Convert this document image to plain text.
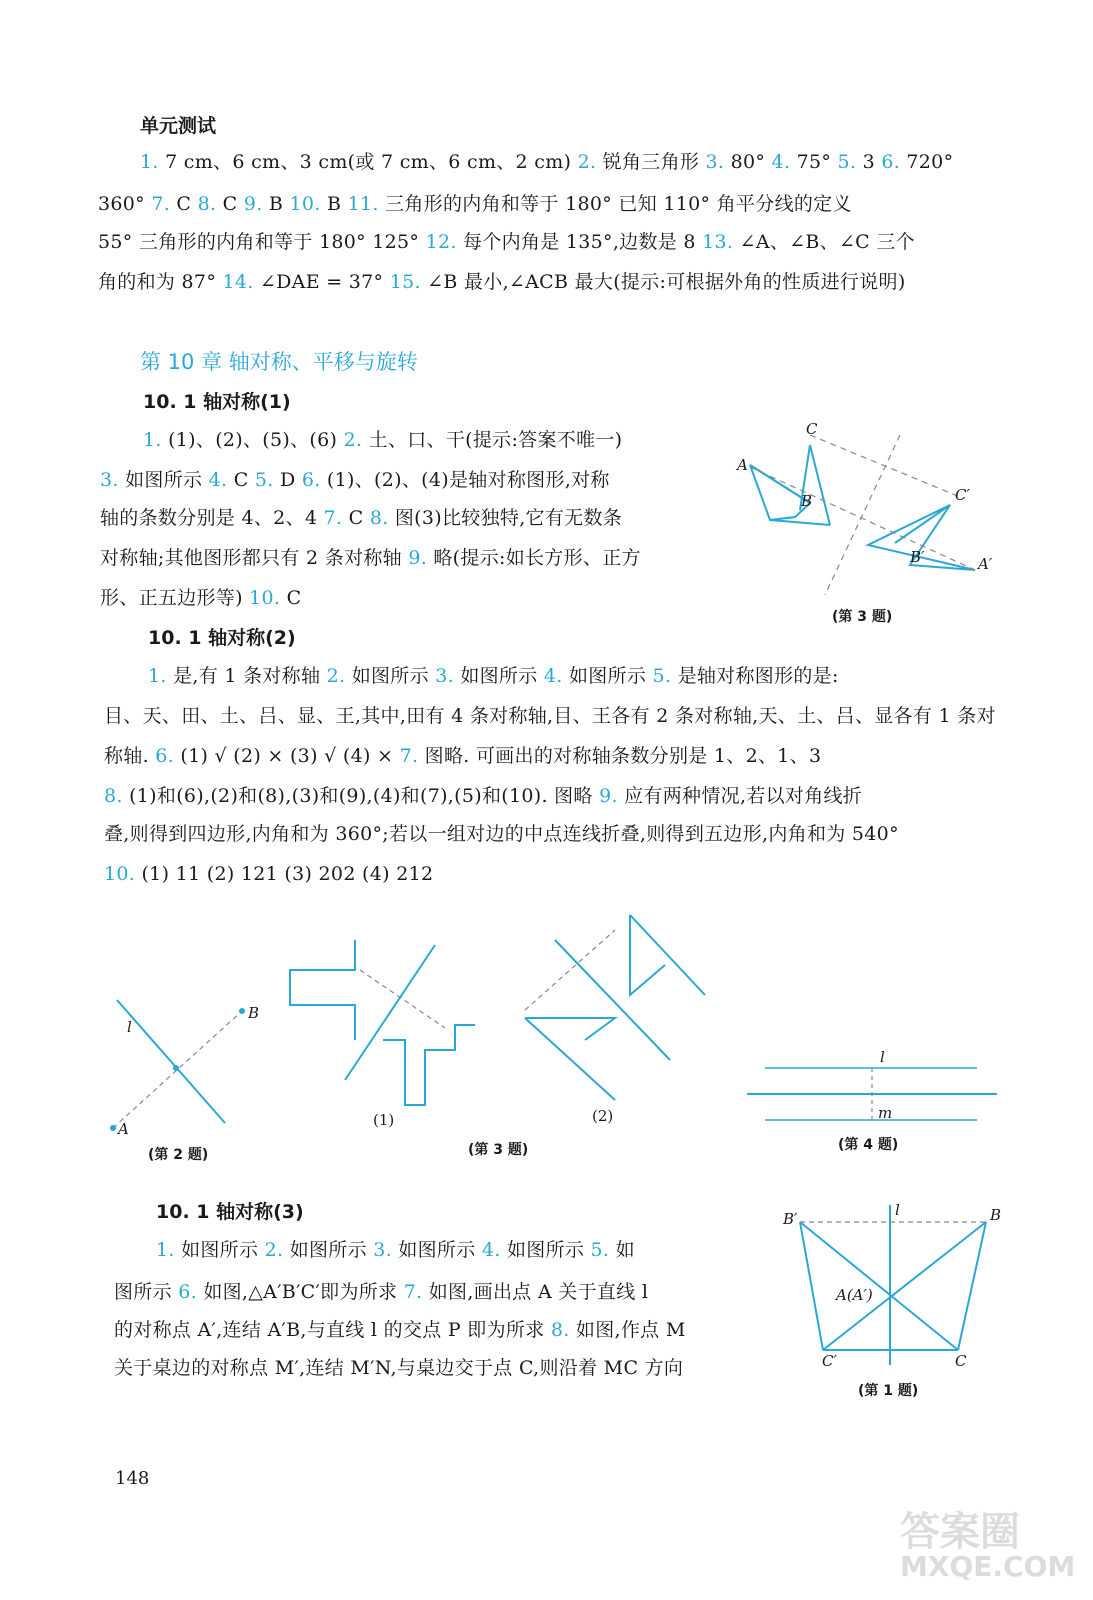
单元测试
1. 7 cm、6 cm、3 cm(或 7 cm、6 cm、2 cm) 2. 锐角三角形 3. 80° 4. 75° 5. 3 6. 720°
360° 7. C 8. C 9. B 10. B 11. 三角形的内角和等于 180° 已知 110° 角平分线的定义
55° 三角形的内角和等于 180° 125° 12. 每个内角是 135°,边数是 8 13. ∠A、∠B、∠C 三个
角的和为 87° 14. ∠DAE = 37° 15. ∠B 最小,∠ACB 最大(提示:可根据外角的性质进行说明)
第 10 章 轴对称、平移与旋转
10. 1 轴对称(1)
1. (1)、(2)、(5)、(6) 2. 土、口、干(提示:答案不唯一)
3. 如图所示 4. C 5. D 6. (1)、(2)、(4)是轴对称图形,对称
轴的条数分别是 4、2、4 7. C 8. 图(3)比较独特,它有无数条
对称轴;其他图形都只有 2 条对称轴 9. 略(提示:如长方形、正方
形、正五边形等) 10. C
A
B
C
C′
B′	A′
(第 3 题)
10. 1 轴对称(2)
1. 是,有 1 条对称轴 2. 如图所示 3. 如图所示 4. 如图所示 5. 是轴对称图形的是:
目、天、田、土、吕、显、王,其中,田有 4 条对称轴,目、王各有 2 条对称轴,天、土、吕、显各有 1 条对
称轴. 6. (1) √ (2) × (3) √ (4) × 7. 图略. 可画出的对称轴条数分别是 1、2、1、3
8. (1)和(6),(2)和(8),(3)和(9),(4)和(7),(5)和(10). 图略 9. 应有两种情况,若以对角线折
叠,则得到四边形,内角和为 360°;若以一组对边的中点连线折叠,则得到五边形,内角和为 540°
10. (1) 11 (2) 121 (3) 202 (4) 212
l
A
B
(第 2 题)
(1)	(2)
(第 3 题)
l
m
(第 4 题)
10. 1 轴对称(3)
1. 如图所示 2. 如图所示 3. 如图所示 4. 如图所示 5. 如
图所示 6. 如图,△A′B′C′即为所求 7. 如图,画出点 A 关于直线 l
的对称点 A′,连结 A′B,与直线 l 的交点 P 即为所求 8. 如图,作点 M
关于桌边的对称点 M′,连结 M′N,与桌边交于点 C,则沿着 MC 方向
B′	l	B
A(A′)
C′	C
(第 1 题)
148
答案圈
MXQE.COM
